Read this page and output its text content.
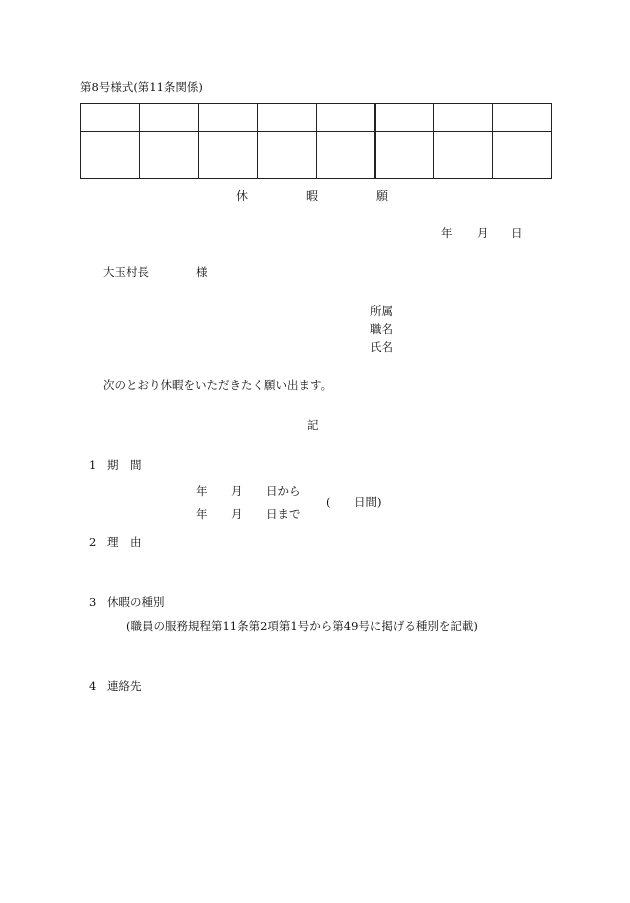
第8号様式(第11条関係)

休	暇	願
年 月 日
大玉村長	様
所属
職名
氏名
次のとおり休暇をいただきたく願い出ます。
記
1 期　間
年 月 日から
年 月 日まで
( 日間)
2 理　由
3 休暇の種別
(職員の服務規程第11条第2項第1号から第49号に掲げる種別を記載)
4 連絡先
